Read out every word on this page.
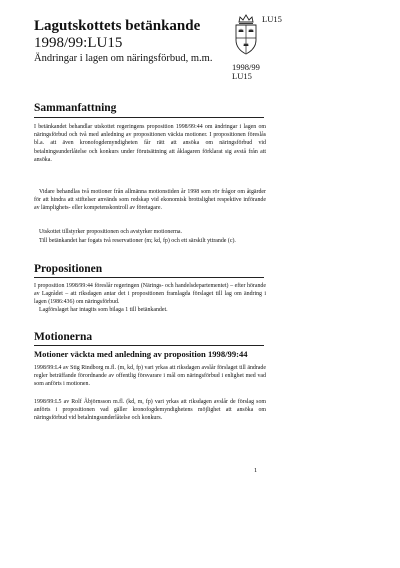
Lagutskottets betänkande
1998/99:LU15
Ändringar i lagen om näringsförbud, m.m.
LU15
1998/99
LU15
Sammanfattning

I betänkandet behandlar utskottet regeringens proposition 1998/99:44 om ändringar i lagen om näringsförbud och två med anledning av propositionen väckta motioner. I propositionen föreslås bl.a. att även kronofogdemyndigheten får rätt att ansöka om näringsförbud vid betalningsunderlåtelse och konkurs under förutsättning att åklagaren förklarat sig avstå från att ansöka.

Vidare behandlas två motioner från allmänna motionstiden år 1998 som rör frågor om åtgärder för att hindra att stiftelser används som redskap vid ekonomisk brottslighet respektive införande av lämplighets- eller kompetenskontroll av företagare.

Utskottet tillstyrker propositionen och avstyrker motionerna.

Till betänkandet har fogats två reservationer (m; kd, fp) och ett särskilt yttrande (c).

Propositionen

I proposition 1998/99:44 föreslår regeringen (Närings- och handelsdepartementet) – efter hörande av Lagrådet – att riksdagen antar det i propositionen framlagda förslaget till lag om ändring i lagen (1986:436) om näringsförbud.

Lagförslaget har intagits som bilaga 1 till betänkandet.

Motionerna
Motioner väckta med anledning av proposition 1998/99:44

1998/99:L4 av Stig Rindborg m.fl. (m, kd, fp) vari yrkas att riksdagen avslår förslaget till ändrade regler beträffande förordnande av offentlig försvarare i mål om näringsförbud i enlighet med vad som anförts i motionen.

1998/99:L5 av Rolf Åbjörnsson m.fl. (kd, m, fp) vari yrkas att riksdagen avslår de förslag som anförts i propositionen vad gäller kronofogdemyndighetens möjlighet att ansöka om näringsförbud vid betalningsunderlåtelse och konkurs.

1
